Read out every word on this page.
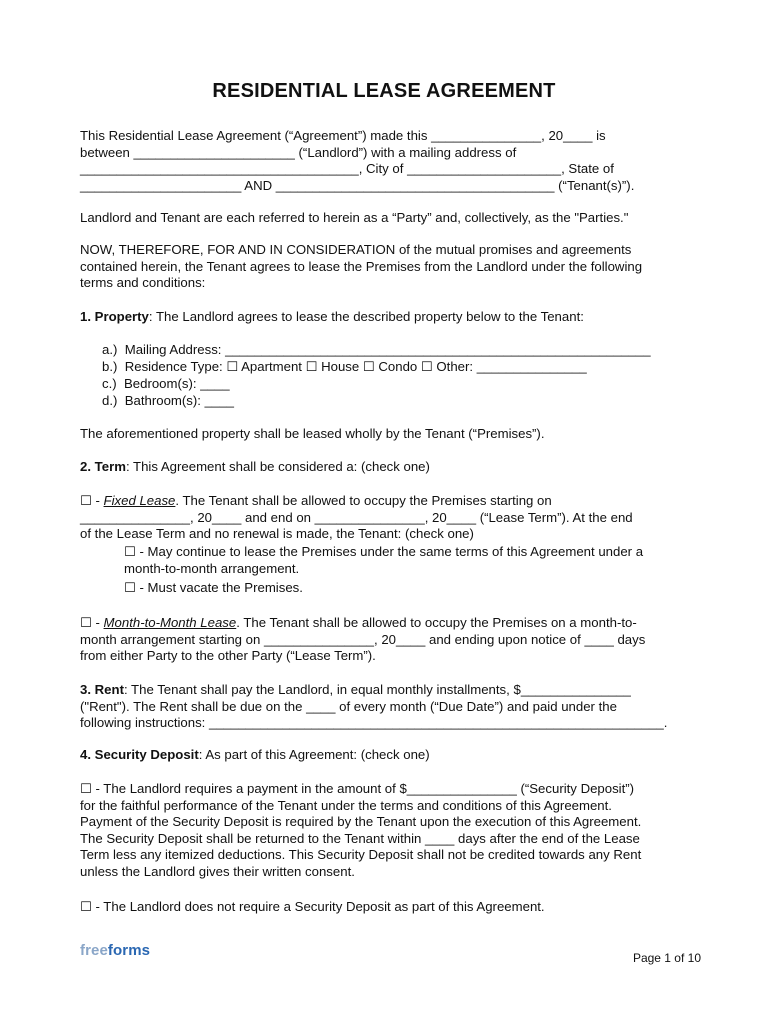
RESIDENTIAL LEASE AGREEMENT
This Residential Lease Agreement (“Agreement”) made this _______________, 20____ is
between ______________________ (“Landlord”) with a mailing address of
______________________________________, City of _____________________, State of
______________________ AND ______________________________________ (“Tenant(s)”).
Landlord and Tenant are each referred to herein as a “Party” and, collectively, as the "Parties."
NOW, THEREFORE, FOR AND IN CONSIDERATION of the mutual promises and agreements
contained herein, the Tenant agrees to lease the Premises from the Landlord under the following
terms and conditions:
1. Property: The Landlord agrees to lease the described property below to the Tenant:
a.)  Mailing Address: __________________________________________________________
b.)  Residence Type: ☐ Apartment ☐ House ☐ Condo ☐ Other: _______________
c.)  Bedroom(s): ____
d.)  Bathroom(s): ____
The aforementioned property shall be leased wholly by the Tenant (“Premises”).
2. Term: This Agreement shall be considered a: (check one)
☐ - Fixed Lease. The Tenant shall be allowed to occupy the Premises starting on
_______________, 20____ and end on _______________, 20____ (“Lease Term”). At the end
of the Lease Term and no renewal is made, the Tenant: (check one)
☐ - May continue to lease the Premises under the same terms of this Agreement under a
month-to-month arrangement.
☐ - Must vacate the Premises.
☐ - Month-to-Month Lease. The Tenant shall be allowed to occupy the Premises on a month-to-
month arrangement starting on _______________, 20____ and ending upon notice of ____ days
from either Party to the other Party (“Lease Term”).
3. Rent: The Tenant shall pay the Landlord, in equal monthly installments, $_______________
("Rent"). The Rent shall be due on the ____ of every month (“Due Date”) and paid under the
following instructions: ______________________________________________________________.
4. Security Deposit: As part of this Agreement: (check one)
☐ - The Landlord requires a payment in the amount of $_______________ (“Security Deposit”)
for the faithful performance of the Tenant under the terms and conditions of this Agreement.
Payment of the Security Deposit is required by the Tenant upon the execution of this Agreement.
The Security Deposit shall be returned to the Tenant within ____ days after the end of the Lease
Term less any itemized deductions. This Security Deposit shall not be credited towards any Rent
unless the Landlord gives their written consent.
☐ - The Landlord does not require a Security Deposit as part of this Agreement.
freeforms	Page 1 of 10
